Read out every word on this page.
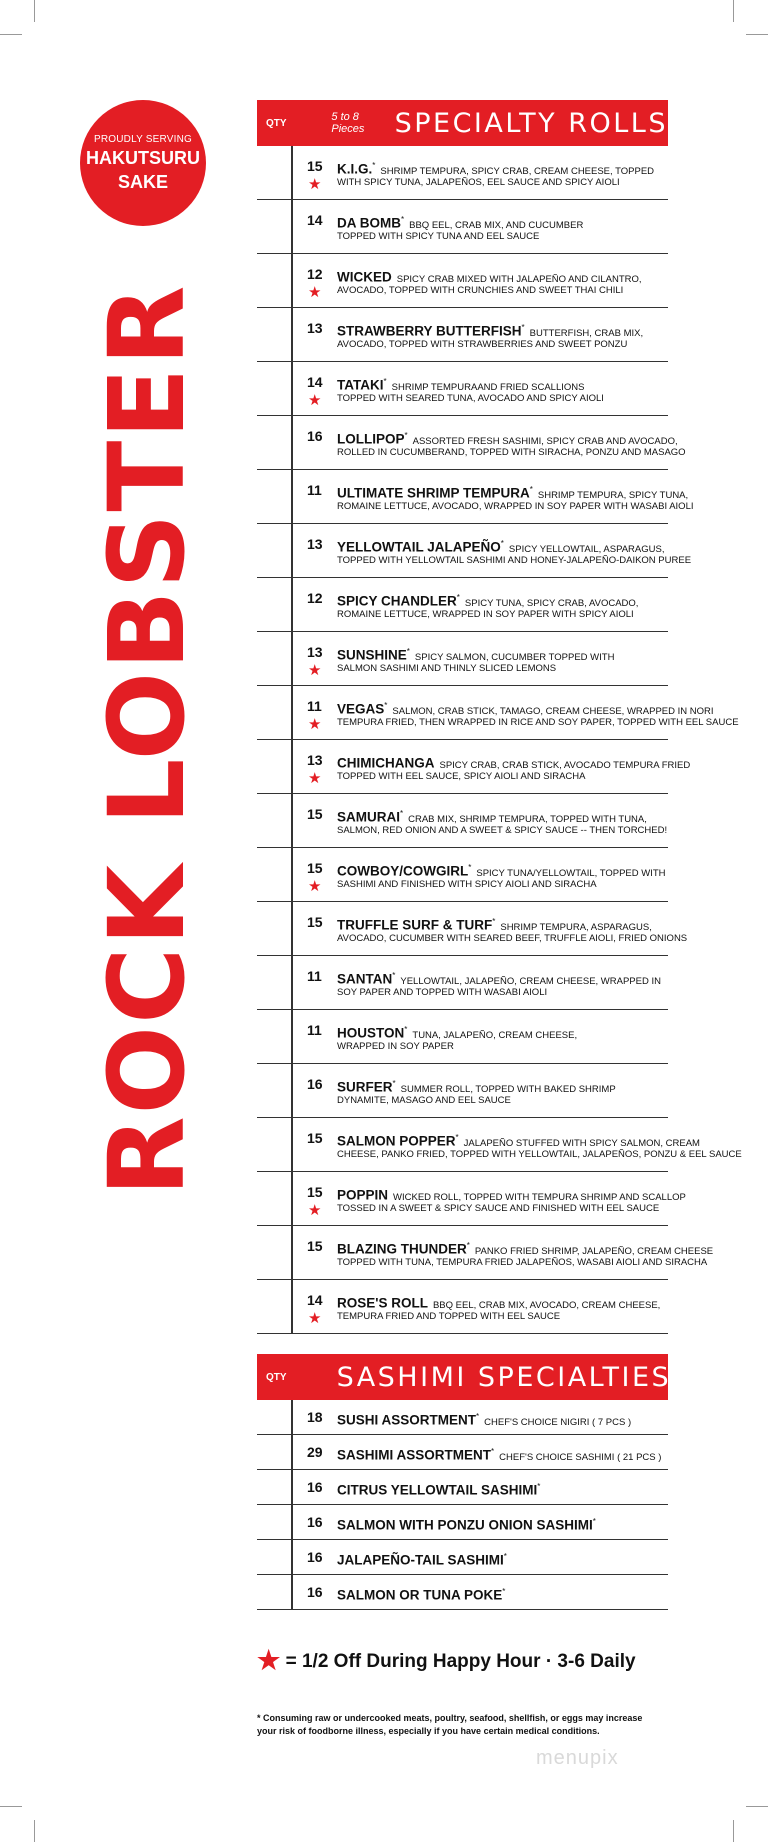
PROUDLY SERVING
HAKUTSURU
SAKE
ROCK LOBSTER
QTY	5 to 8 Pieces	SPECIALTY ROLLS
15
★
K.I.G.* SHRIMP TEMPURA, SPICY CRAB, CREAM CHEESE, TOPPED
WITH SPICY TUNA, JALAPEÑOS, EEL SAUCE AND SPICY AIOLI
14 DA BOMB* BBQ EEL, CRAB MIX, AND CUCUMBER
TOPPED WITH SPICY TUNA AND EEL SAUCE
12
★
WICKED SPICY CRAB MIXED WITH JALAPEÑO AND CILANTRO,
AVOCADO, TOPPED WITH CRUNCHIES AND SWEET THAI CHILI
13 STRAWBERRY BUTTERFISH* BUTTERFISH, CRAB MIX,
AVOCADO, TOPPED WITH STRAWBERRIES AND SWEET PONZU
14
★
TATAKI* SHRIMP TEMPURAAND FRIED SCALLIONS
TOPPED WITH SEARED TUNA, AVOCADO AND SPICY AIOLI
16 LOLLIPOP* ASSORTED FRESH SASHIMI, SPICY CRAB AND AVOCADO,
ROLLED IN CUCUMBERAND, TOPPED WITH SIRACHA, PONZU AND MASAGO
11 ULTIMATE SHRIMP TEMPURA* SHRIMP TEMPURA, SPICY TUNA,
ROMAINE LETTUCE, AVOCADO, WRAPPED IN SOY PAPER WITH WASABI AIOLI
13 YELLOWTAIL JALAPEÑO* SPICY YELLOWTAIL, ASPARAGUS,
TOPPED WITH YELLOWTAIL SASHIMI AND HONEY-JALAPEÑO-DAIKON PUREE
12 SPICY CHANDLER* SPICY TUNA, SPICY CRAB, AVOCADO,
ROMAINE LETTUCE, WRAPPED IN SOY PAPER WITH SPICY AIOLI
13
★
SUNSHINE* SPICY SALMON, CUCUMBER TOPPED WITH
SALMON SASHIMI AND THINLY SLICED LEMONS
11
★
VEGAS* SALMON, CRAB STICK, TAMAGO, CREAM CHEESE, WRAPPED IN NORI
TEMPURA FRIED, THEN WRAPPED IN RICE AND SOY PAPER, TOPPED WITH EEL SAUCE
13
★
CHIMICHANGA SPICY CRAB, CRAB STICK, AVOCADO TEMPURA FRIED
TOPPED WITH EEL SAUCE, SPICY AIOLI AND SIRACHA
15 SAMURAI* CRAB MIX, SHRIMP TEMPURA, TOPPED WITH TUNA,
SALMON, RED ONION AND A SWEET & SPICY SAUCE -- THEN TORCHED!
15
★
COWBOY/COWGIRL* SPICY TUNA/YELLOWTAIL, TOPPED WITH
SASHIMI AND FINISHED WITH SPICY AIOLI AND SIRACHA
15 TRUFFLE SURF & TURF* SHRIMP TEMPURA, ASPARAGUS,
AVOCADO, CUCUMBER WITH SEARED BEEF, TRUFFLE AIOLI, FRIED ONIONS
11 SANTAN* YELLOWTAIL, JALAPEÑO, CREAM CHEESE, WRAPPED IN
SOY PAPER AND TOPPED WITH WASABI AIOLI
11 HOUSTON* TUNA, JALAPEÑO, CREAM CHEESE,
WRAPPED IN SOY PAPER
16 SURFER* SUMMER ROLL, TOPPED WITH BAKED SHRIMP
DYNAMITE, MASAGO AND EEL SAUCE
15 SALMON POPPER* JALAPEÑO STUFFED WITH SPICY SALMON, CREAM
CHEESE, PANKO FRIED, TOPPED WITH YELLOWTAIL, JALAPEÑOS, PONZU & EEL SAUCE
15
★
POPPIN WICKED ROLL, TOPPED WITH TEMPURA SHRIMP AND SCALLOP
TOSSED IN A SWEET & SPICY SAUCE AND FINISHED WITH EEL SAUCE
15 BLAZING THUNDER* PANKO FRIED SHRIMP, JALAPEÑO, CREAM CHEESE
TOPPED WITH TUNA, TEMPURA FRIED JALAPEÑOS, WASABI AIOLI AND SIRACHA
14
★
ROSE'S ROLL BBQ EEL, CRAB MIX, AVOCADO, CREAM CHEESE,
TEMPURA FRIED AND TOPPED WITH EEL SAUCE
QTY SASHIMI SPECIALTIES
18 SUSHI ASSORTMENT* CHEF'S CHOICE NIGIRI ( 7 PCS )
29 SASHIMI ASSORTMENT* CHEF'S CHOICE SASHIMI ( 21 PCS )
16 CITRUS YELLOWTAIL SASHIMI*
16 SALMON WITH PONZU ONION SASHIMI*
16 JALAPEÑO-TAIL SASHIMI*
16 SALMON OR TUNA POKE*
★ = 1/2 Off During Happy Hour · 3-6 Daily
* Consuming raw or undercooked meats, poultry, seafood, shellfish, or eggs may increase
your risk of foodborne illness, especially if you have certain medical conditions.
menupix
